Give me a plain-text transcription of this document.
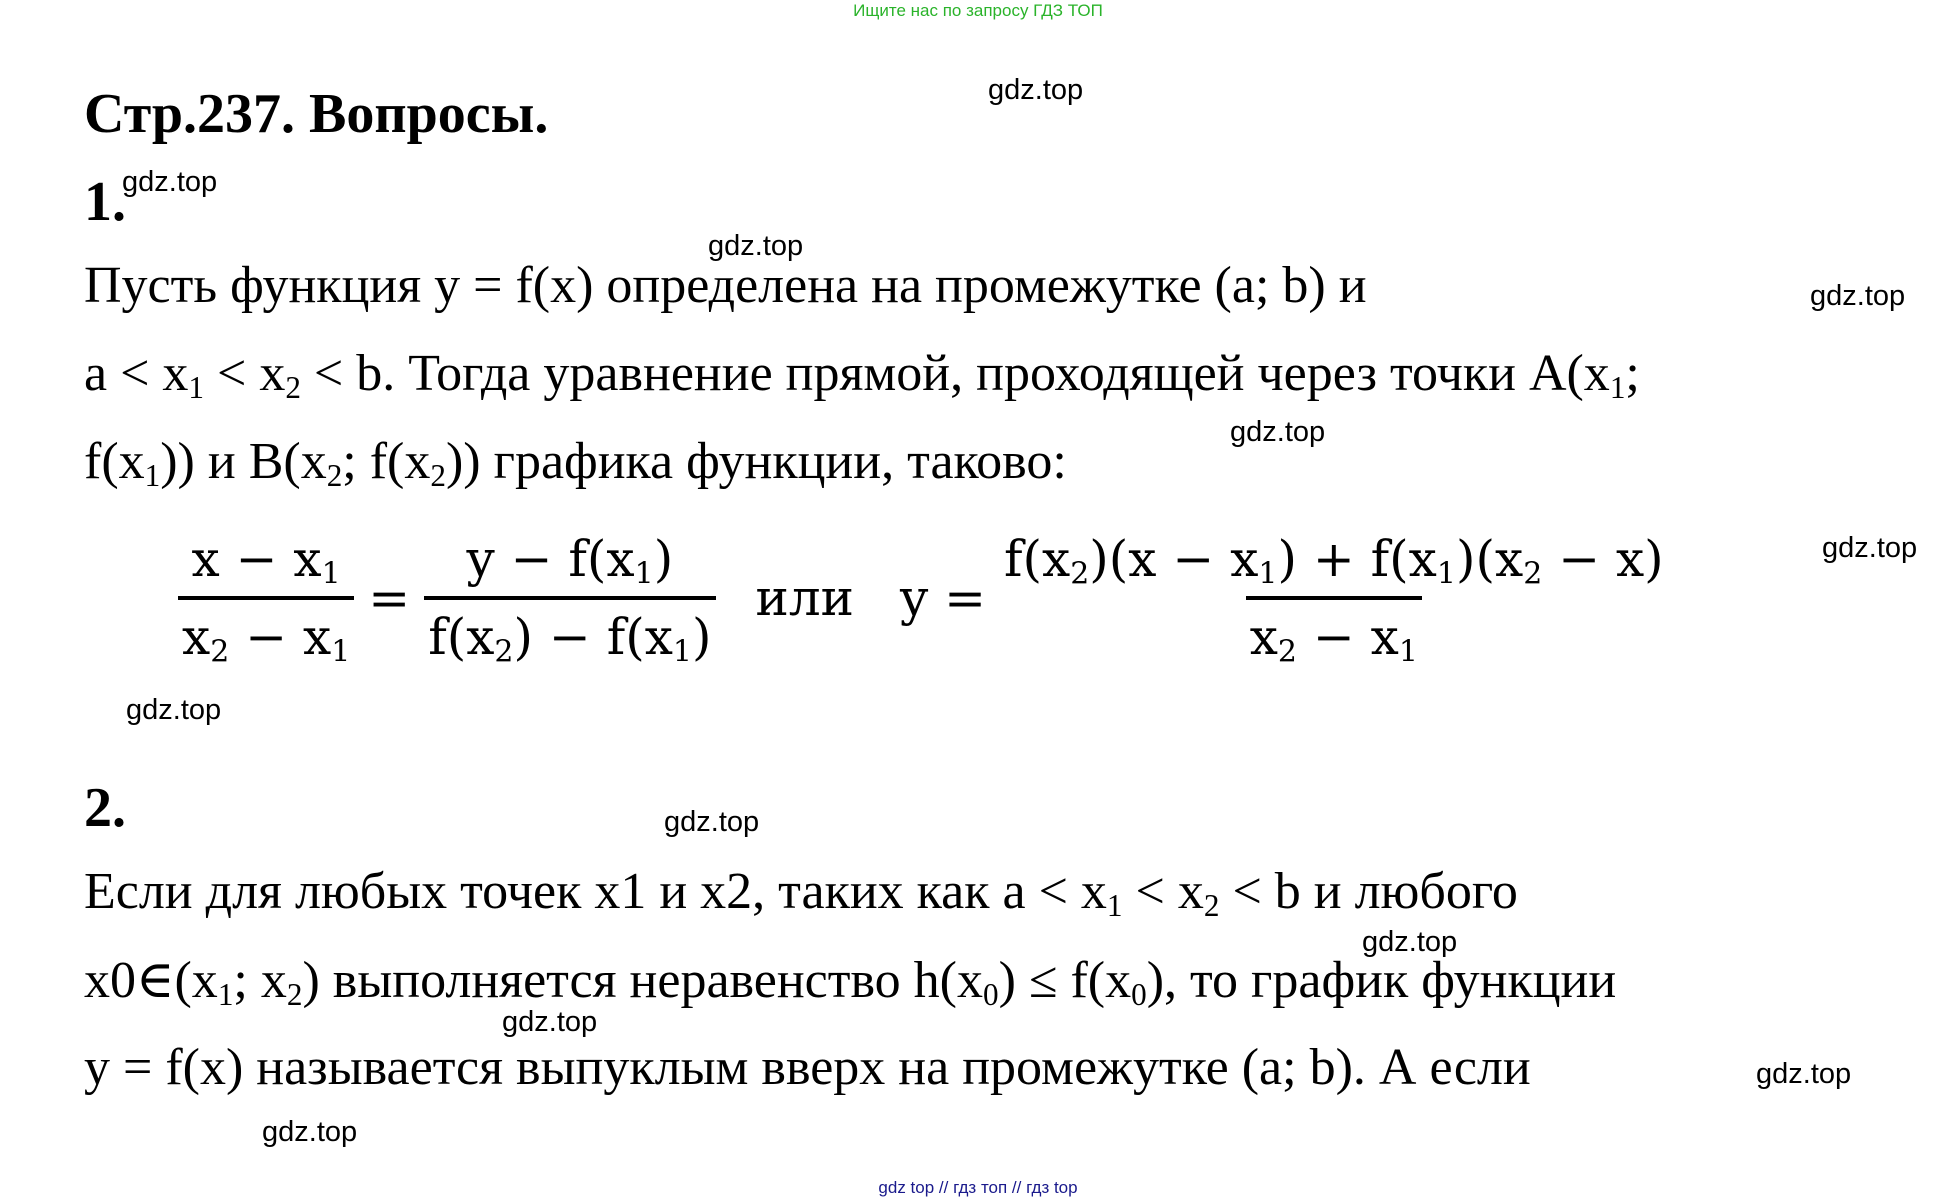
Ищите нас по запросу ГДЗ ТОП
Стр.237. Вопросы.
1.
Пусть функция y = f(x) определена на промежутке (a; b) и
$a < x_1 < x_2 < b$. Тогда уравнение прямой, проходящей через точки $A(x_1$;
$f(x_1)$) и $B(x_2$; $f(x_2)$) графика функции, таково:
$\frac{x - x_1}{x_2 - x_1} = \frac{y - f(x_1)}{f(x_2) - f(x_1)}$ или $y = \frac{f(x_2)(x - x_1) + f(x_1)(x_2 - x)}{x_2 - x_1}$
2.
Если для любых точек x1 и x2, таких как $a < x_1 < x_2 < b$ и любого
$x0\in(x_1$; $x_2$) выполняется неравенство $h(x_0) \le f(x_0)$, то график функции
y = f(x) называется выпуклым вверх на промежутке (a; b). А если
gdz.top
gdz.top
gdz.top
gdz.top
gdz.top
gdz.top
gdz.top
gdz.top
gdz.top
gdz.top
gdz.top
gdz.top
gdz top // гдз топ // гдз top
